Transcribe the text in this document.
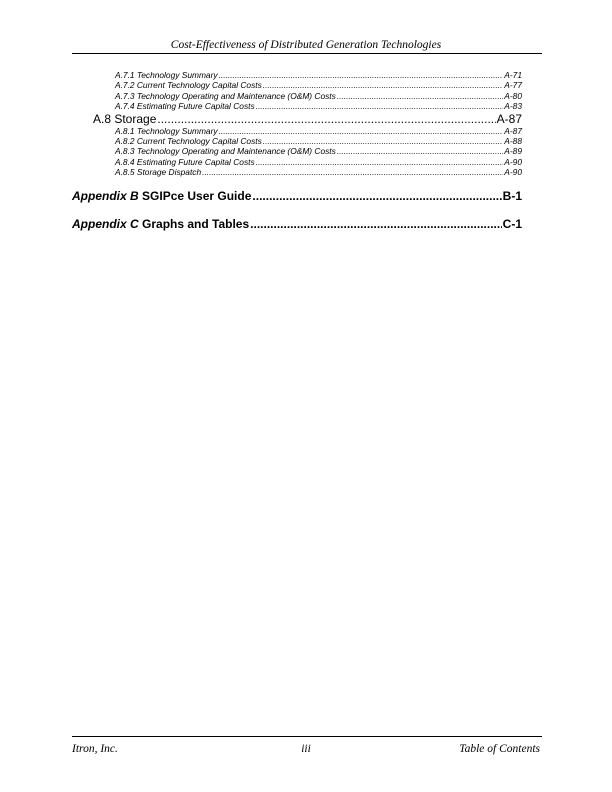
Cost-Effectiveness of Distributed Generation Technologies
A.7.1 Technology Summary .....	A-71
A.7.2 Current Technology Capital Costs .....	A-77
A.7.3 Technology Operating and Maintenance (O&M) Costs .....	A-80
A.7.4 Estimating Future Capital Costs .....	A-83
A.8 Storage .....	A-87
A.8.1 Technology Summary .....	A-87
A.8.2 Current Technology Capital Costs .....	A-88
A.8.3 Technology Operating and Maintenance (O&M) Costs .....	A-89
A.8.4 Estimating Future Capital Costs .....	A-90
A.8.5 Storage Dispatch .....	A-90
Appendix B
SGIPce User Guide .....	B-1
Appendix C
Graphs and Tables .....	C-1
Itron, Inc.	iii	Table of Contents
